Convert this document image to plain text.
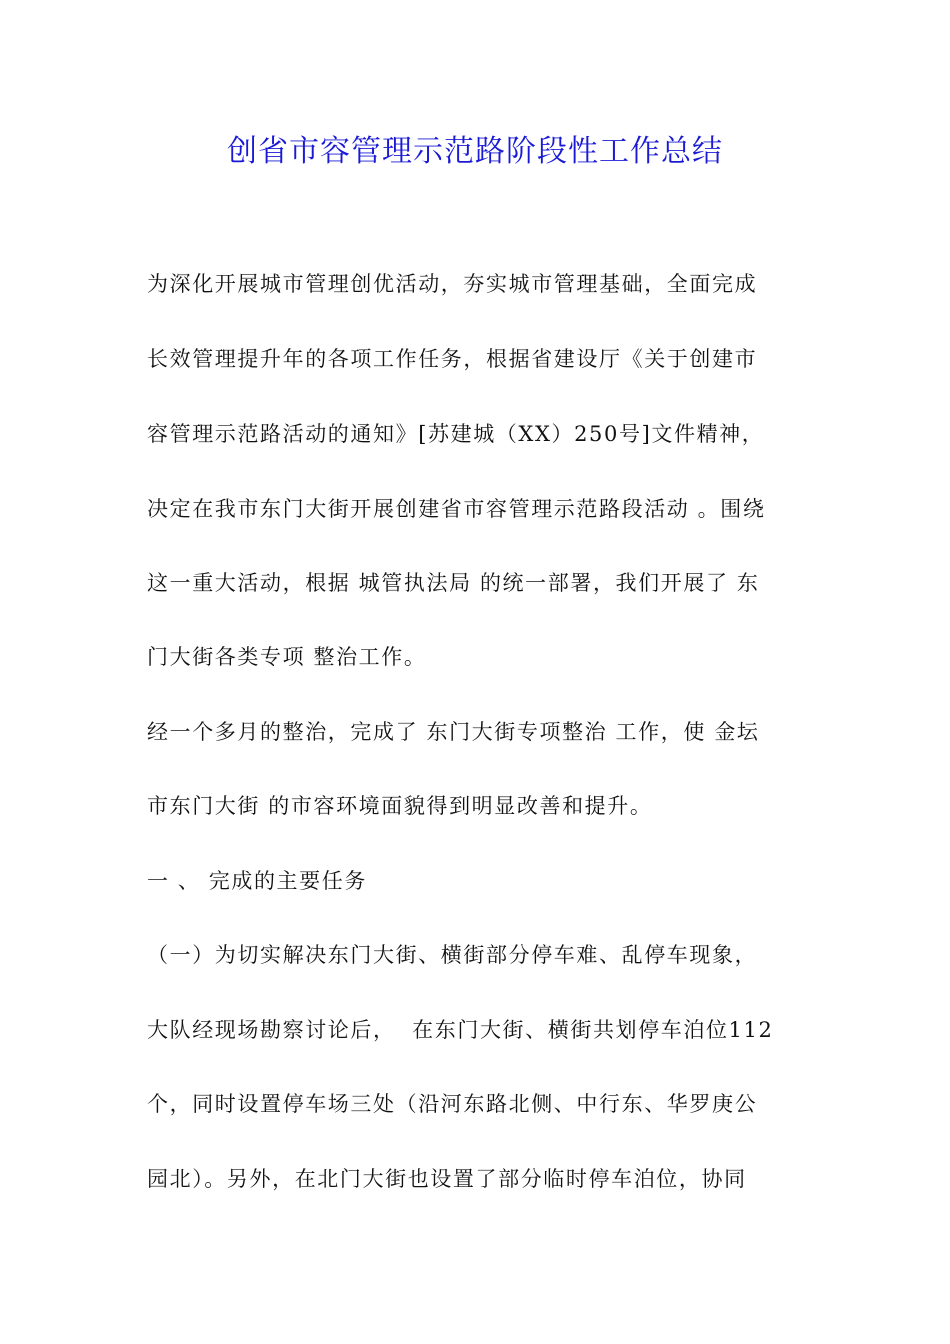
创省市容管理示范路阶段性工作总结
为深化开展城市管理创优活动，夯实城市管理基础，全面完成
长效管理提升年的各项工作任务，根据省建设厅《关于创建市
容管理示范路活动的通知》[苏建城（XX）250号]文件精神，
决定在我市东门大街开展创建省市容管理示范路段活动 。围绕
这一重大活动，根据 城管执法局 的统一部署，我们开展了 东
门大街各类专项 整治工作。
经一个多月的整治，完成了 东门大街专项整治 工作，使 金坛
市东门大街 的市容环境面貌得到明显改善和提升。
一 、 完成的主要任务
（一）为切实解决东门大街、横街部分停车难、乱停车现象，
大队经现场勘察讨论后，  在东门大街、横街共划停车泊位112
个，同时设置停车场三处（沿河东路北侧、中行东、华罗庚公
园北）。另外，在北门大街也设置了部分临时停车泊位，协同
